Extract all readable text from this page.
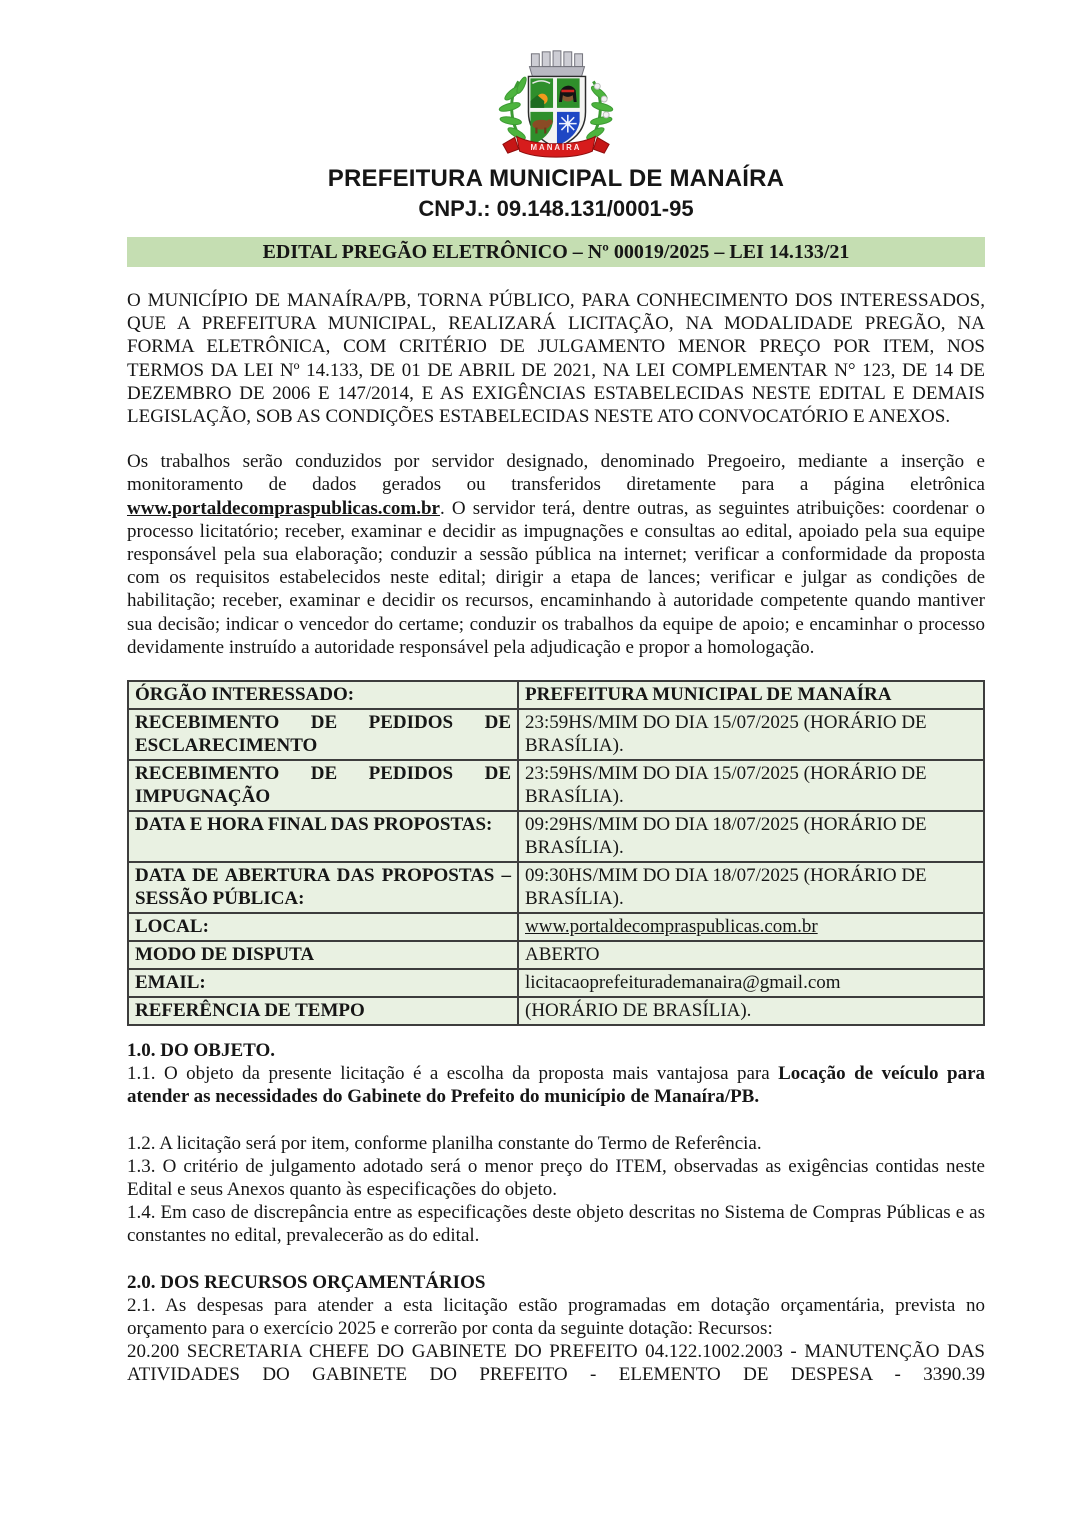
MANAÍRA
PREFEITURA MUNICIPAL DE MANAÍRA
CNPJ.: 09.148.131/0001-95
EDITAL PREGÃO ELETRÔNICO – Nº 00019/2025 – LEI 14.133/21

O MUNICÍPIO DE MANAÍRA/PB, TORNA PÚBLICO, PARA CONHECIMENTO DOS INTERESSADOS, QUE A PREFEITURA MUNICIPAL, REALIZARÁ LICITAÇÃO, NA MODALIDADE PREGÃO, NA FORMA ELETRÔNICA, COM CRITÉRIO DE JULGAMENTO MENOR PREÇO POR ITEM, NOS TERMOS DA LEI Nº 14.133, DE 01 DE ABRIL DE 2021, NA LEI COMPLEMENTAR N° 123, DE 14 DE DEZEMBRO DE 2006 E 147/2014, E AS EXIGÊNCIAS ESTABELECIDAS NESTE EDITAL E DEMAIS LEGISLAÇÃO, SOB AS CONDIÇÕES ESTABELECIDAS NESTE ATO CONVOCATÓRIO E ANEXOS.

Os trabalhos serão conduzidos por servidor designado, denominado Pregoeiro, mediante a inserção e monitoramento de dados gerados ou transferidos diretamente para a página eletrônica www.portaldecompraspublicas.com.br. O servidor terá, dentre outras, as seguintes atribuições: coordenar o processo licitatório; receber, examinar e decidir as impugnações e consultas ao edital, apoiado pela sua equipe responsável pela sua elaboração; conduzir a sessão pública na internet; verificar a conformidade da proposta com os requisitos estabelecidos neste edital; dirigir a etapa de lances; verificar e julgar as condições de habilitação; receber, examinar e decidir os recursos, encaminhando à autoridade competente quando mantiver sua decisão; indicar o vencedor do certame; conduzir os trabalhos da equipe de apoio; e encaminhar o processo devidamente instruído a autoridade responsável pela adjudicação e propor a homologação.

ÓRGÃO INTERESSADO:	PREFEITURA MUNICIPAL DE MANAÍRA
RECEBIMENTO DE PEDIDOS DE ESCLARECIMENTO	23:59HS/MIM DO DIA 15/07/2025 (HORÁRIO DE BRASÍLIA).
RECEBIMENTO DE PEDIDOS DE IMPUGNAÇÃO	23:59HS/MIM DO DIA 15/07/2025 (HORÁRIO DE BRASÍLIA).
DATA E HORA FINAL DAS PROPOSTAS:	09:29HS/MIM DO DIA 18/07/2025 (HORÁRIO DE BRASÍLIA).
DATA DE ABERTURA DAS PROPOSTAS – SESSÃO PÚBLICA:	09:30HS/MIM DO DIA 18/07/2025 (HORÁRIO DE BRASÍLIA).
LOCAL:	www.portaldecompraspublicas.com.br
MODO DE DISPUTA	ABERTO
EMAIL:	licitacaoprefeiturademanaira@gmail.com
REFERÊNCIA DE TEMPO	(HORÁRIO DE BRASÍLIA).

1.0. DO OBJETO.

1.1. O objeto da presente licitação é a escolha da proposta mais vantajosa para Locação de veículo para atender as necessidades do Gabinete do Prefeito do município de Manaíra/PB.

1.2. A licitação será por item, conforme planilha constante do Termo de Referência.

1.3. O critério de julgamento adotado será o menor preço do ITEM, observadas as exigências contidas neste Edital e seus Anexos quanto às especificações do objeto.

1.4. Em caso de discrepância entre as especificações deste objeto descritas no Sistema de Compras Públicas e as constantes no edital, prevalecerão as do edital.

2.0. DOS RECURSOS ORÇAMENTÁRIOS

2.1. As despesas para atender a esta licitação estão programadas em dotação orçamentária, prevista no orçamento para o exercício 2025 e correrão por conta da seguinte dotação: Recursos:

20.200 SECRETARIA CHEFE DO GABINETE DO PREFEITO 04.122.1002.2003 - MANUTENÇÃO DAS ATIVIDADES DO GABINETE DO PREFEITO - ELEMENTO DE DESPESA - 3390.39
